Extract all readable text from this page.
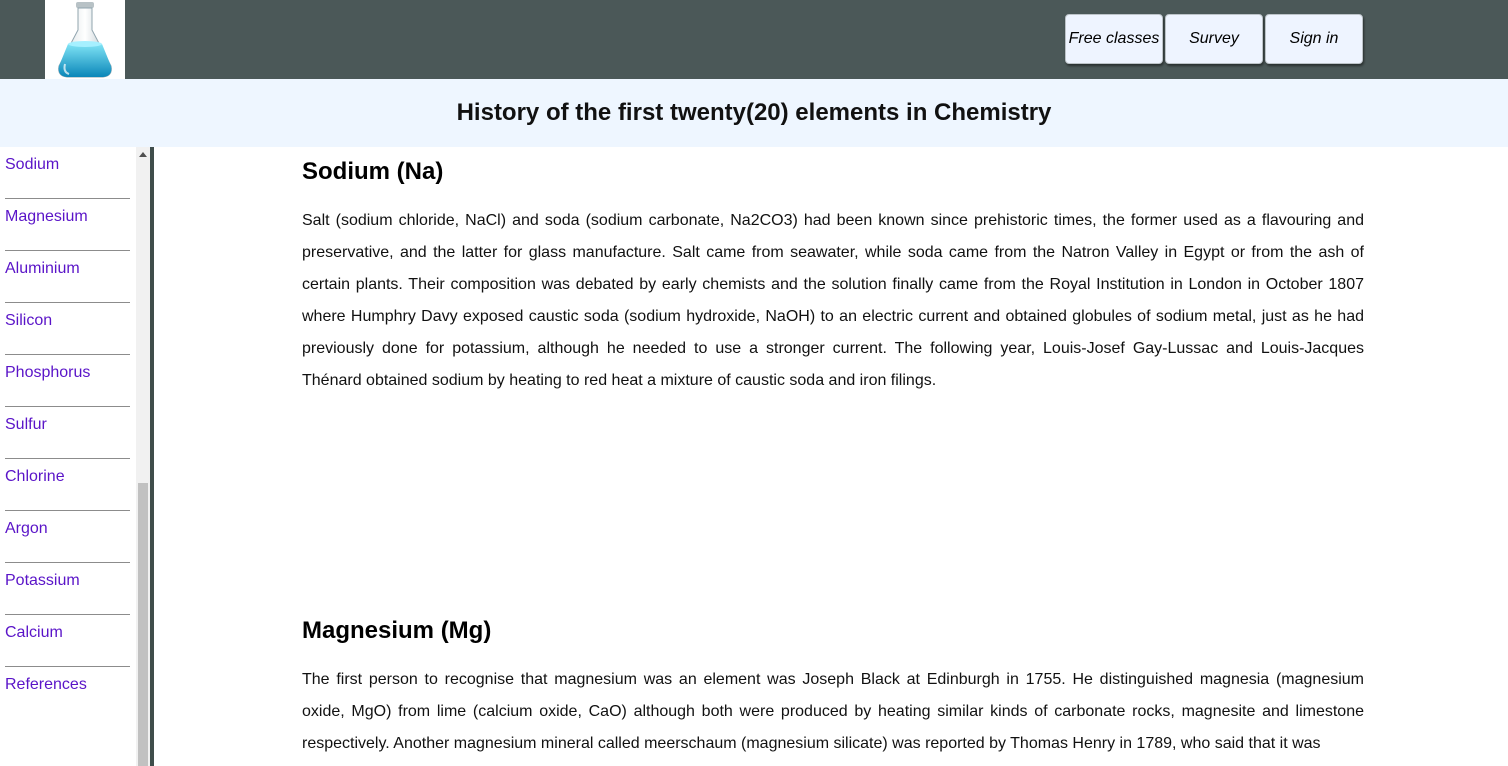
Free classes	Survey	Sign in
History of the first twenty(20) elements in Chemistry
Sodium
Magnesium
Aluminium
Silicon
Phosphorus
Sulfur
Chlorine
Argon
Potassium
Calcium
References
Sodium (Na)

Salt (sodium chloride, NaCl) and soda (sodium carbonate, Na2CO3) had been known since prehistoric times, the former used as a flavouring and preservative, and the latter for glass manufacture. Salt came from seawater, while soda came from the Natron Valley in Egypt or from the ash of certain plants. Their composition was debated by early chemists and the solution finally came from the Royal Institution in London in October 1807 where Humphry Davy exposed caustic soda (sodium hydroxide, NaOH) to an electric current and obtained globules of sodium metal, just as he had previously done for potassium, although he needed to use a stronger current. The following year, Louis-Josef Gay-Lussac and Louis-Jacques Thénard obtained sodium by heating to red heat a mixture of caustic soda and iron filings.

Magnesium (Mg)

The first person to recognise that magnesium was an element was Joseph Black at Edinburgh in 1755. He distinguished magnesia (magnesium oxide, MgO) from lime (calcium oxide, CaO) although both were produced by heating similar kinds of carbonate rocks, magnesite and limestone respectively. Another magnesium mineral called meerschaum (magnesium silicate) was reported by Thomas Henry in 1789, who said that it was
